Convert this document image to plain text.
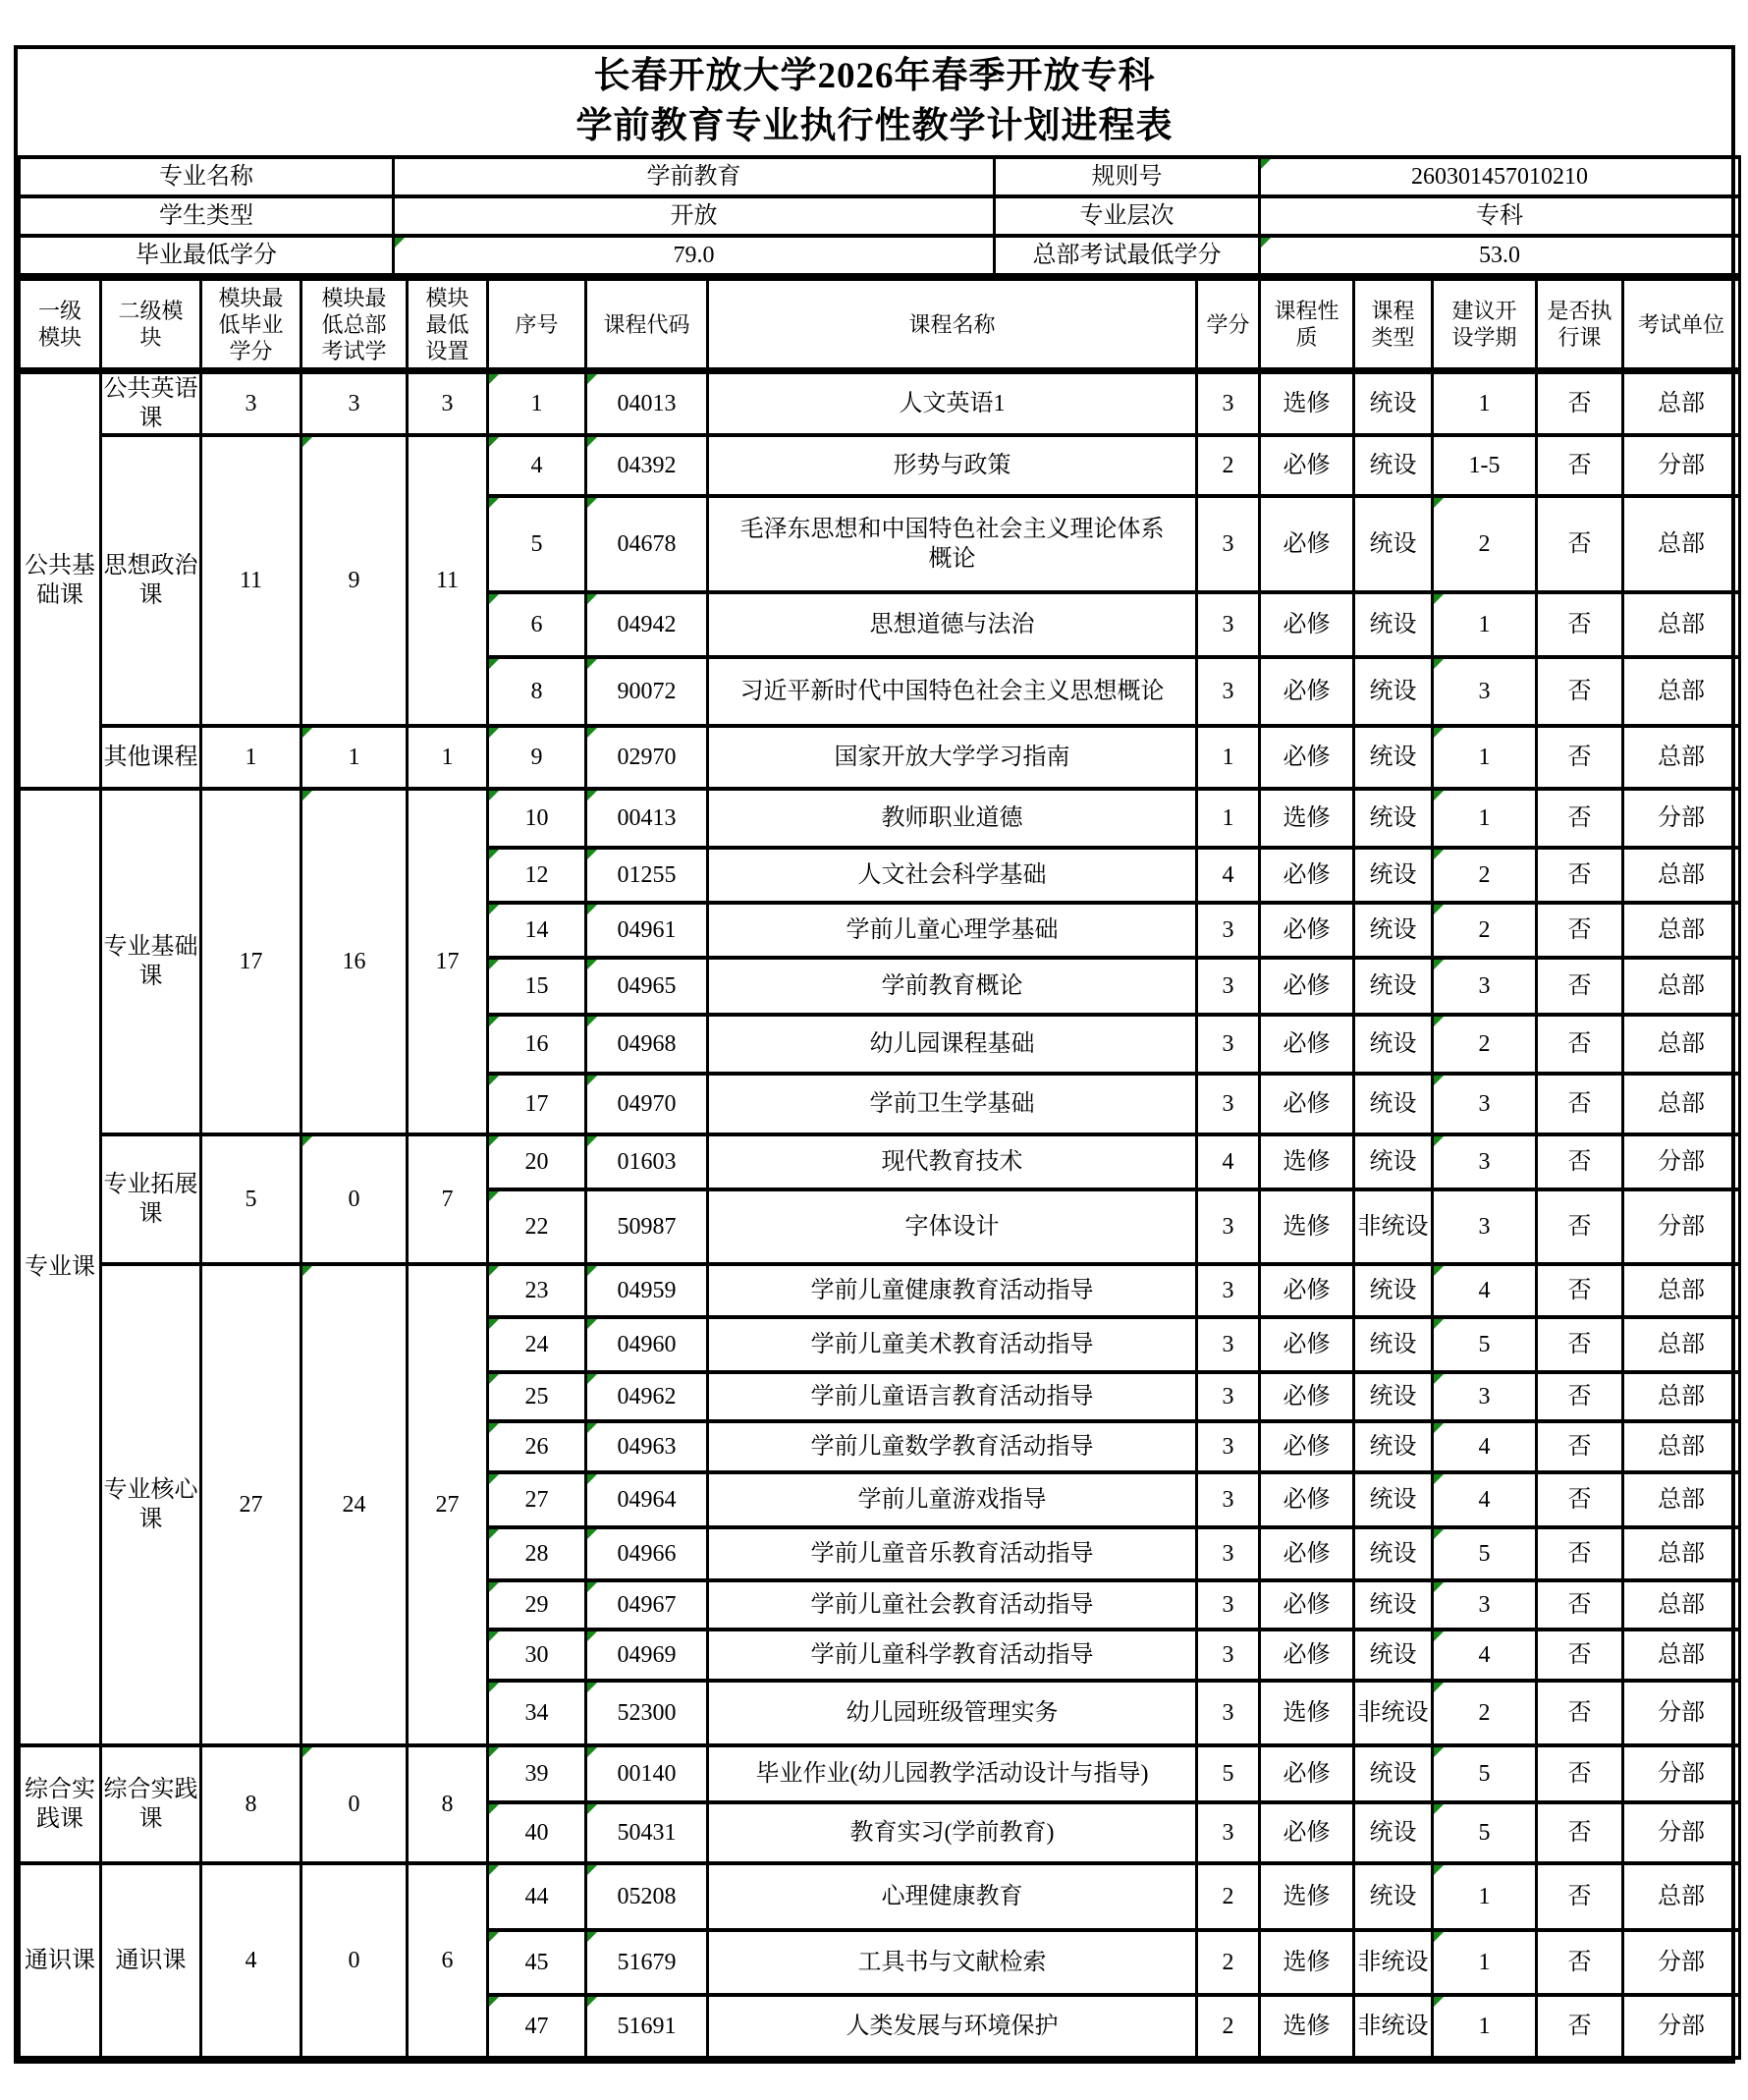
长春开放大学2026年春季开放专科
学前教育专业执行性教学计划进程表
专业名称	学前教育	规则号	260301457010210
学生类型	开放	专业层次	专科
毕业最低学分	79.0	总部考试最低学分	53.0
一级模块	二级模块	模块最低毕业学分	模块最低总部考试学	模块最低设置	序号	课程代码	课程名称	学分	课程性质	课程类型	建议开设学期	是否执行课	考试单位

公共基础课	公共英语课	3	3	3	1	04013	人文英语1	3	选修	统设	1	否	总部
	思想政治课	11	9	11	4	04392	形势与政策	2	必修	统设	1-5	否	分部
					5	04678	毛泽东思想和中国特色社会主义理论体系概论	3	必修	统设	2	否	总部
					6	04942	思想道德与法治	3	必修	统设	1	否	总部
					8	90072	习近平新时代中国特色社会主义思想概论	3	必修	统设	3	否	总部
	其他课程	1	1	1	9	02970	国家开放大学学习指南	1	必修	统设	1	否	总部
专业课	专业基础课	17	16	17	10	00413	教师职业道德	1	选修	统设	1	否	分部
					12	01255	人文社会科学基础	4	必修	统设	2	否	总部
					14	04961	学前儿童心理学基础	3	必修	统设	2	否	总部
					15	04965	学前教育概论	3	必修	统设	3	否	总部
					16	04968	幼儿园课程基础	3	必修	统设	2	否	总部
					17	04970	学前卫生学基础	3	必修	统设	3	否	总部
	专业拓展课	5	0	7	20	01603	现代教育技术	4	选修	统设	3	否	分部
					22	50987	字体设计	3	选修	非统设	3	否	分部
	专业核心课	27	24	27	23	04959	学前儿童健康教育活动指导	3	必修	统设	4	否	总部
					24	04960	学前儿童美术教育活动指导	3	必修	统设	5	否	总部
					25	04962	学前儿童语言教育活动指导	3	必修	统设	3	否	总部
					26	04963	学前儿童数学教育活动指导	3	必修	统设	4	否	总部
					27	04964	学前儿童游戏指导	3	必修	统设	4	否	总部
					28	04966	学前儿童音乐教育活动指导	3	必修	统设	5	否	总部
					29	04967	学前儿童社会教育活动指导	3	必修	统设	3	否	总部
					30	04969	学前儿童科学教育活动指导	3	必修	统设	4	否	总部
					34	52300	幼儿园班级管理实务	3	选修	非统设	2	否	分部
综合实践课	综合实践课	8	0	8	39	00140	毕业作业(幼儿园教学活动设计与指导)	5	必修	统设	5	否	分部
					40	50431	教育实习(学前教育)	3	必修	统设	5	否	分部
通识课	通识课	4	0	6	44	05208	心理健康教育	2	选修	统设	1	否	总部
					45	51679	工具书与文献检索	2	选修	非统设	1	否	分部
					47	51691	人类发展与环境保护	2	选修	非统设	1	否	分部
